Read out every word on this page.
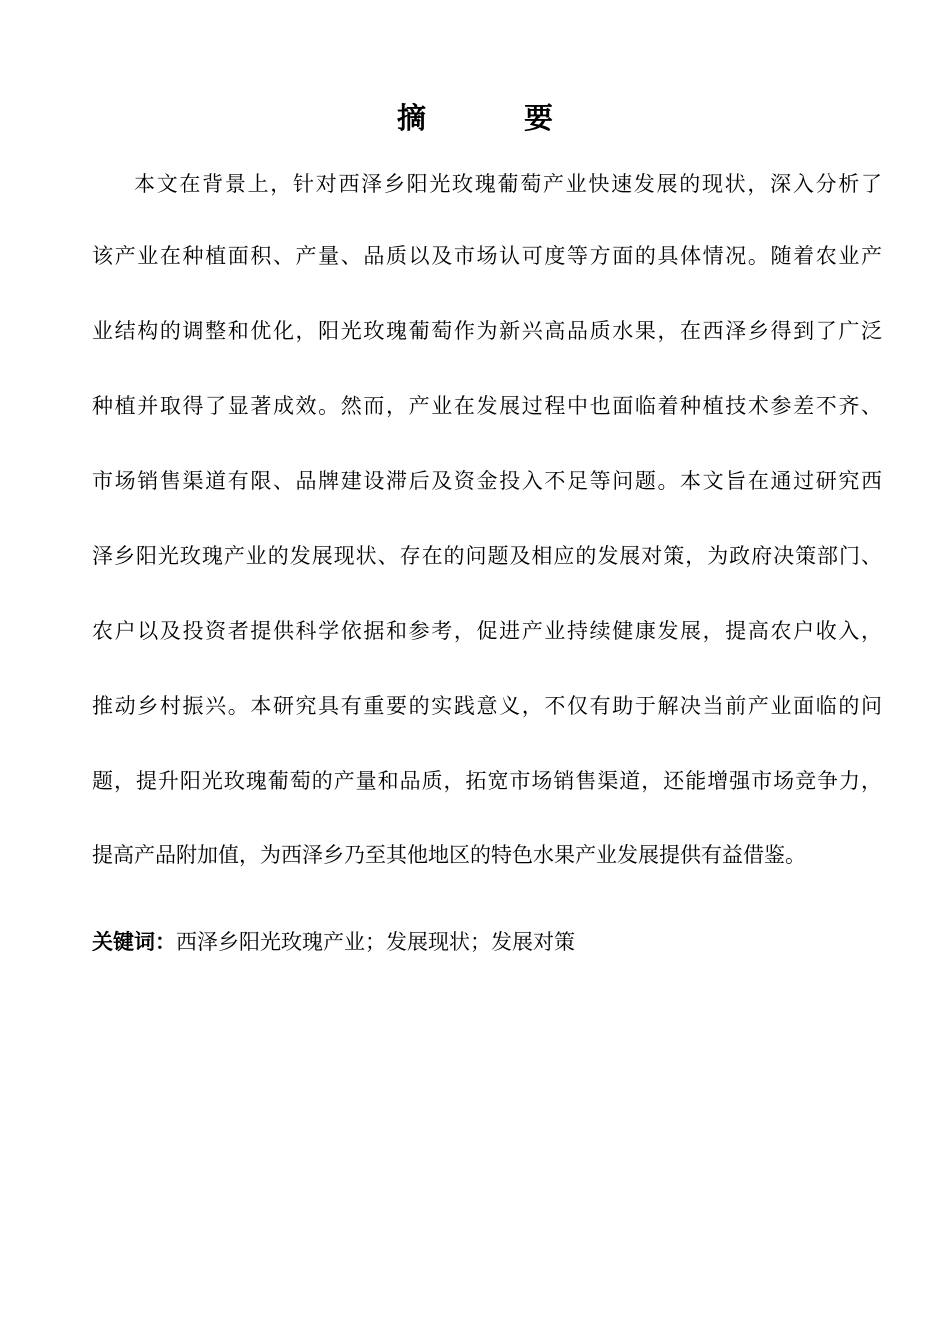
摘 要
本文在背景上，针对西泽乡阳光玫瑰葡萄产业快速发展的现状，深入分析了
该产业在种植面积、产量、品质以及市场认可度等方面的具体情况。随着农业产
业结构的调整和优化，阳光玫瑰葡萄作为新兴高品质水果，在西泽乡得到了广泛
种植并取得了显著成效。然而，产业在发展过程中也面临着种植技术参差不齐、
市场销售渠道有限、品牌建设滞后及资金投入不足等问题。本文旨在通过研究西
泽乡阳光玫瑰产业的发展现状、存在的问题及相应的发展对策，为政府决策部门、
农户以及投资者提供科学依据和参考，促进产业持续健康发展，提高农户收入，
推动乡村振兴。本研究具有重要的实践意义，不仅有助于解决当前产业面临的问
题，提升阳光玫瑰葡萄的产量和品质，拓宽市场销售渠道，还能增强市场竞争力，
提高产品附加值，为西泽乡乃至其他地区的特色水果产业发展提供有益借鉴。
关键词：西泽乡阳光玫瑰产业；发展现状；发展对策
